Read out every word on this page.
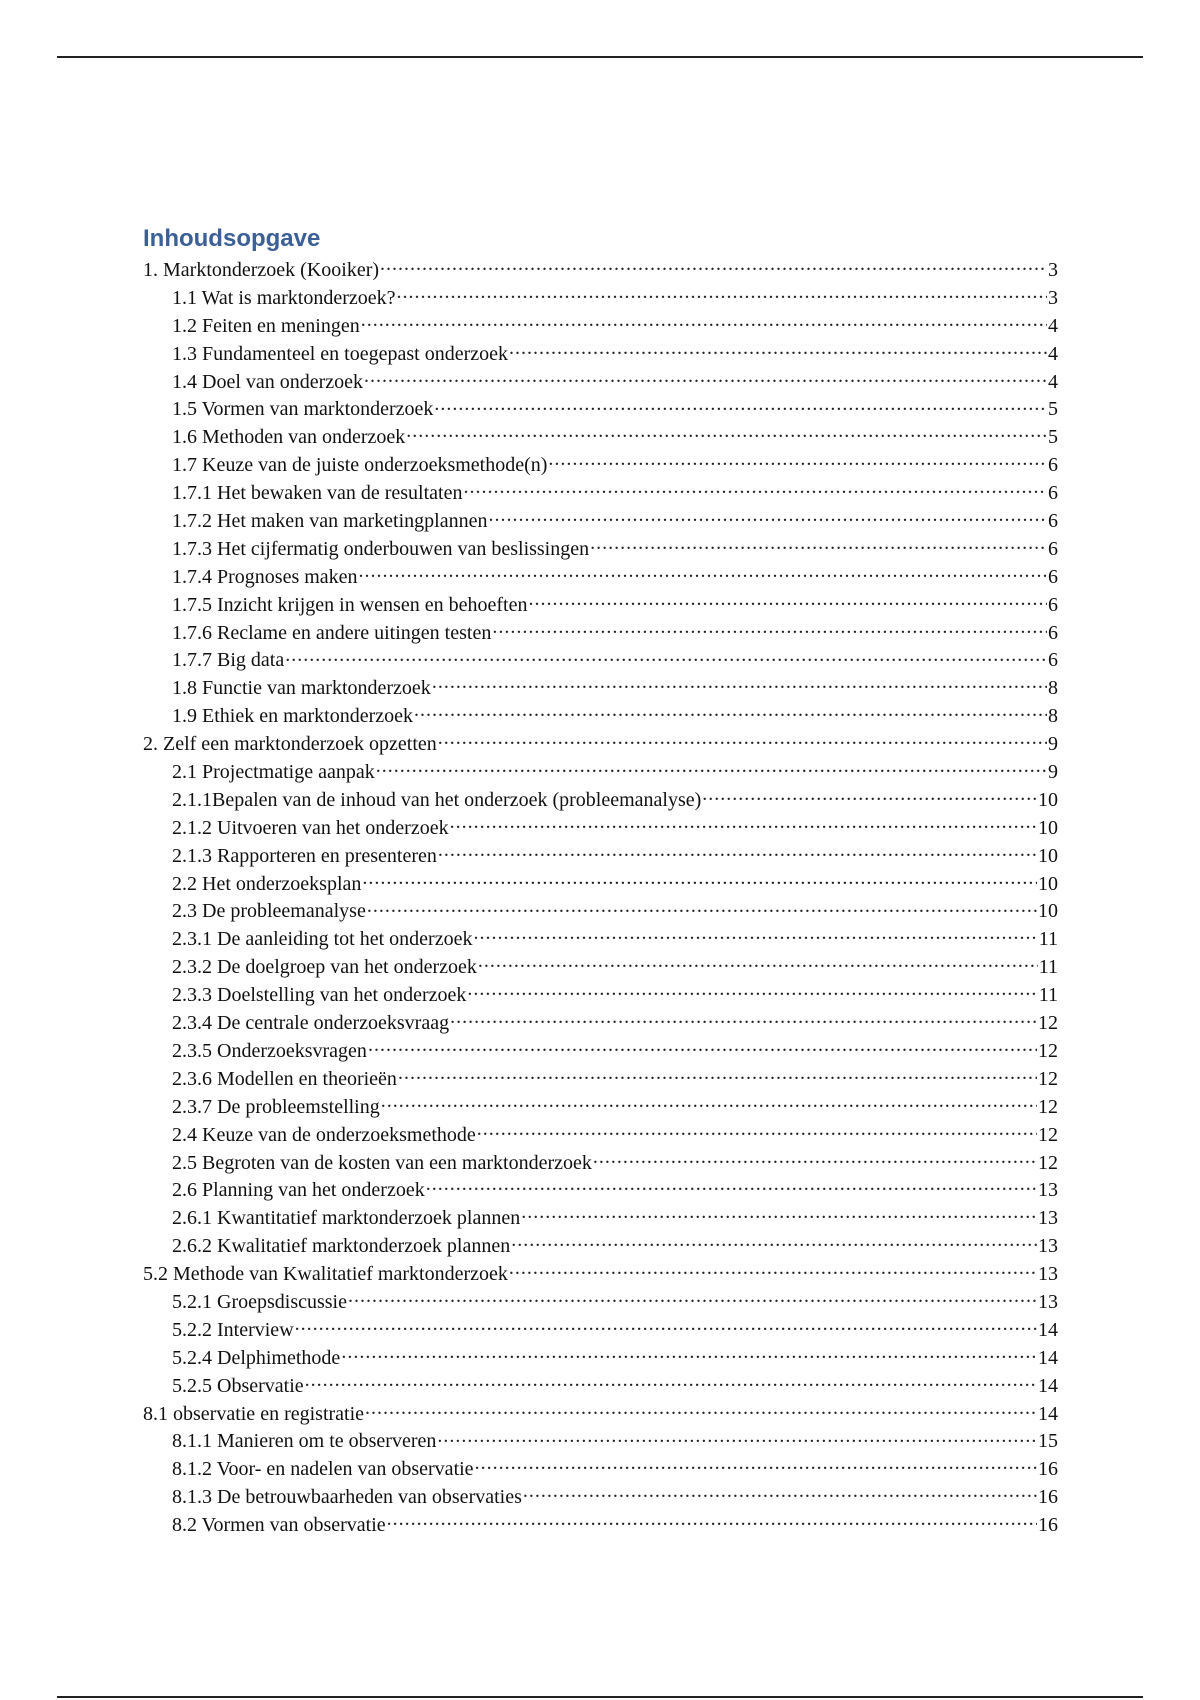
Inhoudsopgave
1. Marktonderzoek (Kooiker) .....	3
1.1 Wat is marktonderzoek? .....	3
1.2 Feiten en meningen .....	4
1.3 Fundamenteel en toegepast onderzoek .....	4
1.4 Doel van onderzoek .....	4
1.5 Vormen van marktonderzoek .....	5
1.6 Methoden van onderzoek .....	5
1.7 Keuze van de juiste onderzoeksmethode(n) .....	6
1.7.1 Het bewaken van de resultaten .....	6
1.7.2 Het maken van marketingplannen .....	6
1.7.3 Het cijfermatig onderbouwen van beslissingen .....	6
1.7.4 Prognoses maken .....	6
1.7.5 Inzicht krijgen in wensen en behoeften .....	6
1.7.6 Reclame en andere uitingen testen .....	6
1.7.7 Big data .....	6
1.8 Functie van marktonderzoek .....	8
1.9 Ethiek en marktonderzoek .....	8
2. Zelf een marktonderzoek opzetten .....	9
2.1 Projectmatige aanpak .....	9
2.1.1Bepalen van de inhoud van het onderzoek (probleemanalyse) .....	10
2.1.2 Uitvoeren van het onderzoek .....	10
2.1.3 Rapporteren en presenteren .....	10
2.2 Het onderzoeksplan .....	10
2.3 De probleemanalyse .....	10
2.3.1 De aanleiding tot het onderzoek .....	11
2.3.2 De doelgroep van het onderzoek .....	11
2.3.3 Doelstelling van het onderzoek .....	11
2.3.4 De centrale onderzoeksvraag .....	12
2.3.5 Onderzoeksvragen .....	12
2.3.6 Modellen en theorieën .....	12
2.3.7 De probleemstelling .....	12
2.4 Keuze van de onderzoeksmethode .....	12
2.5 Begroten van de kosten van een marktonderzoek .....	12
2.6 Planning van het onderzoek .....	13
2.6.1 Kwantitatief marktonderzoek plannen .....	13
2.6.2 Kwalitatief marktonderzoek plannen .....	13
5.2 Methode van Kwalitatief marktonderzoek .....	13
5.2.1 Groepsdiscussie .....	13
5.2.2 Interview .....	14
5.2.4 Delphimethode .....	14
5.2.5 Observatie .....	14
8.1 observatie en registratie .....	14
8.1.1 Manieren om te observeren .....	15
8.1.2 Voor- en nadelen van observatie .....	16
8.1.3 De betrouwbaarheden van observaties .....	16
8.2 Vormen van observatie .....	16
